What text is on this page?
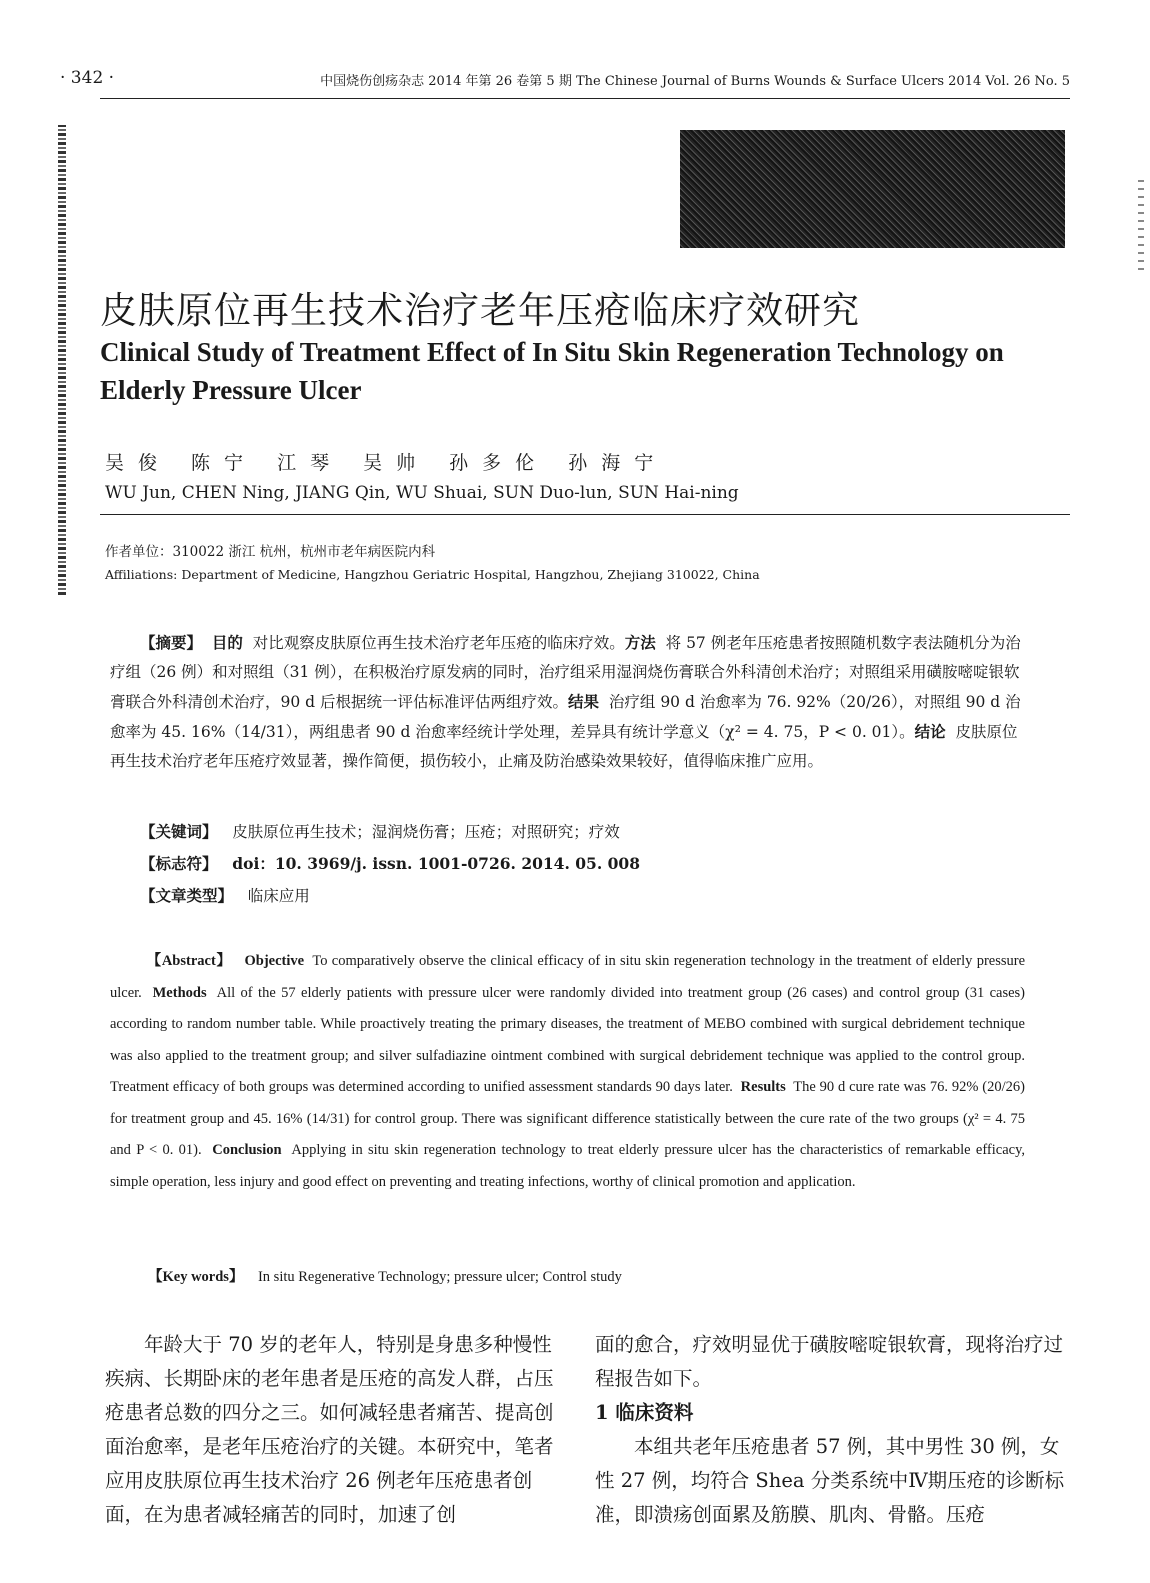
· 342 ·	中国烧伤创疡杂志 2014 年第 26 卷第 5 期 The Chinese Journal of Burns Wounds & Surface Ulcers 2014 Vol. 26 No. 5
皮肤原位再生技术治疗老年压疮临床疗效研究
Clinical Study of Treatment Effect of In Situ Skin Regeneration Technology on Elderly Pressure Ulcer
吴俊 陈宁 江琴 吴帅 孙多伦 孙海宁
WU Jun, CHEN Ning, JIANG Qin, WU Shuai, SUN Duo-lun, SUN Hai-ning
作者单位：310022 浙江 杭州，杭州市老年病医院内科
Affiliations: Department of Medicine, Hangzhou Geriatric Hospital, Hangzhou, Zhejiang 310022, China

【摘要】 目的 对比观察皮肤原位再生技术治疗老年压疮的临床疗效。方法 将 57 例老年压疮患者按照随机数字表法随机分为治疗组（26 例）和对照组（31 例），在积极治疗原发病的同时，治疗组采用湿润烧伤膏联合外科清创术治疗；对照组采用磺胺嘧啶银软膏联合外科清创术治疗，90 d 后根据统一评估标准评估两组疗效。结果 治疗组 90 d 治愈率为 76. 92%（20/26），对照组 90 d 治愈率为 45. 16%（14/31），两组患者 90 d 治愈率经统计学处理，差异具有统计学意义（χ² = 4. 75，P < 0. 01）。结论 皮肤原位再生技术治疗老年压疮疗效显著，操作简便，损伤较小，止痛及防治感染效果较好，值得临床推广应用。

【关键词】 皮肤原位再生技术；湿润烧伤膏；压疮；对照研究；疗效
【标志符】 doi：10. 3969/j. issn. 1001-0726. 2014. 05. 008
【文章类型】 临床应用
【Abstract】 Objective To comparatively observe the clinical efficacy of in situ skin regeneration technology in the treatment of elderly pressure ulcer. Methods All of the 57 elderly patients with pressure ulcer were randomly divided into treatment group (26 cases) and control group (31 cases) according to random number table. While proactively treating the primary diseases, the treatment of MEBO combined with surgical debridement technique was also applied to the treatment group; and silver sulfadiazine ointment combined with surgical debridement technique was applied to the control group. Treatment efficacy of both groups was determined according to unified assessment standards 90 days later. Results The 90 d cure rate was 76. 92% (20/26) for treatment group and 45. 16% (14/31) for control group. There was significant difference statistically between the cure rate of the two groups (χ² = 4. 75 and P < 0. 01). Conclusion Applying in situ skin regeneration technology to treat elderly pressure ulcer has the characteristics of remarkable efficacy, simple operation, less injury and good effect on preventing and treating infections, worthy of clinical promotion and application.
【Key words】 In situ Regenerative Technology; pressure ulcer; Control study
年龄大于 70 岁的老年人，特别是身患多种慢性疾病、长期卧床的老年患者是压疮的高发人群，占压疮患者总数的四分之三。如何减轻患者痛苦、提高创面治愈率，是老年压疮治疗的关键。本研究中，笔者应用皮肤原位再生技术治疗 26 例老年压疮患者创面，在为患者减轻痛苦的同时，加速了创
面的愈合，疗效明显优于磺胺嘧啶银软膏，现将治疗过程报告如下。
1 临床资料
本组共老年压疮患者 57 例，其中男性 30 例，女性 27 例，均符合 Shea 分类系统中Ⅳ期压疮的诊断标准，即溃疡创面累及筋膜、肌肉、骨骼。压疮
